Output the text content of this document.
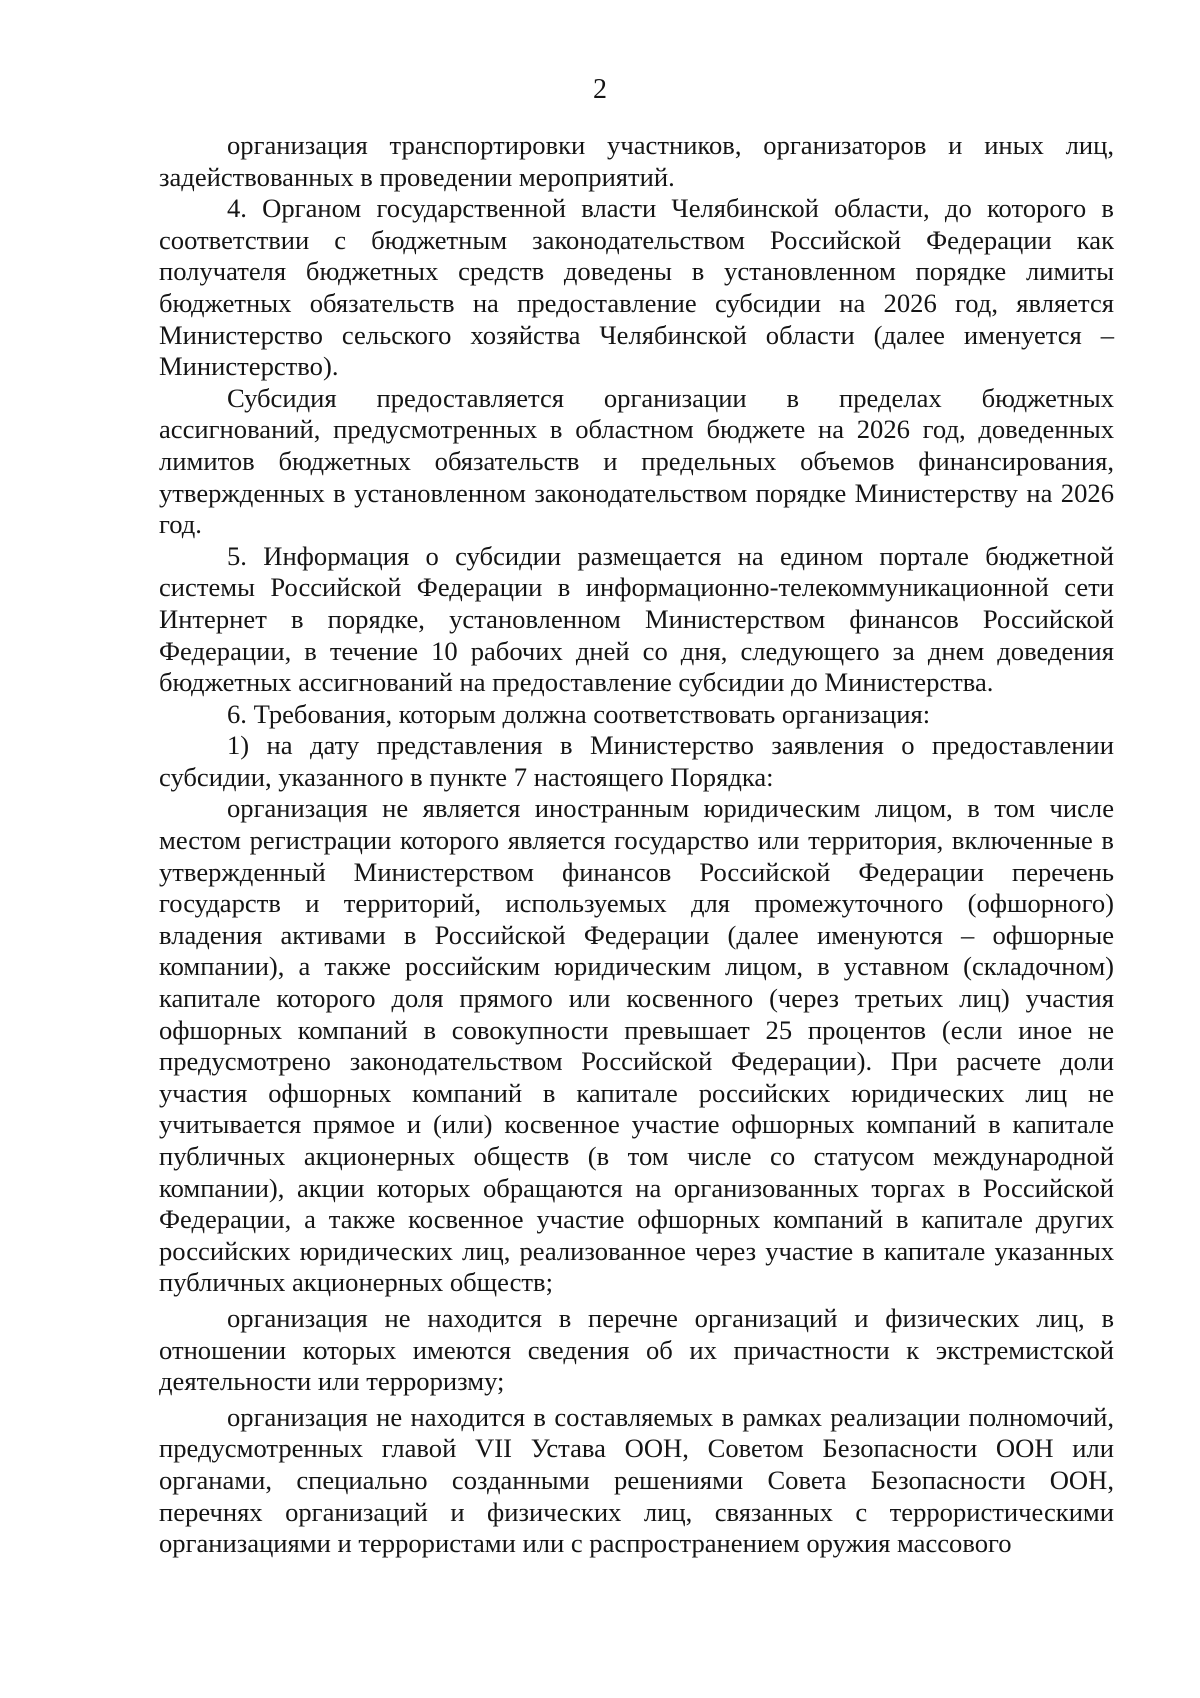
2

организация транспортировки участников, организаторов и иных лиц, задействованных в проведении мероприятий.

4. Органом государственной власти Челябинской области, до которого в соответствии с бюджетным законодательством Российской Федерации как получателя бюджетных средств доведены в установленном порядке лимиты бюджетных обязательств на предоставление субсидии на 2026 год, является Министерство сельского хозяйства Челябинской области (далее именуется – Министерство).

Субсидия предоставляется организации в пределах бюджетных ассигнований, предусмотренных в областном бюджете на 2026 год, доведенных лимитов бюджетных обязательств и предельных объемов финансирования, утвержденных в установленном законодательством порядке Министерству на 2026 год.

5. Информация о субсидии размещается на едином портале бюджетной системы Российской Федерации в информационно-телекоммуникационной сети Интернет в порядке, установленном Министерством финансов Российской Федерации, в течение 10 рабочих дней со дня, следующего за днем доведения бюджетных ассигнований на предоставление субсидии до Министерства.

6. Требования, которым должна соответствовать организация:

1) на дату представления в Министерство заявления о предоставлении субсидии, указанного в пункте 7 настоящего Порядка:

организация не является иностранным юридическим лицом, в том числе местом регистрации которого является государство или территория, включенные в утвержденный Министерством финансов Российской Федерации перечень государств и территорий, используемых для промежуточного (офшорного) владения активами в Российской Федерации (далее именуются – офшорные компании), а также российским юридическим лицом, в уставном (складочном) капитале которого доля прямого или косвенного (через третьих лиц) участия офшорных компаний в совокупности превышает 25 процентов (если иное не предусмотрено законодательством Российской Федерации). При расчете доли участия офшорных компаний в капитале российских юридических лиц не учитывается прямое и (или) косвенное участие офшорных компаний в капитале публичных акционерных обществ (в том числе со статусом международной компании), акции которых обращаются на организованных торгах в Российской Федерации, а также косвенное участие офшорных компаний в капитале других российских юридических лиц, реализованное через участие в капитале указанных публичных акционерных обществ;

организация не находится в перечне организаций и физических лиц, в отношении которых имеются сведения об их причастности к экстремистской деятельности или терроризму;

организация не находится в составляемых в рамках реализации полномочий, предусмотренных главой VII Устава ООН, Советом Безопасности ООН или органами, специально созданными решениями Совета Безопасности ООН, перечнях организаций и физических лиц, связанных с террористическими организациями и террористами или с распространением оружия массового
